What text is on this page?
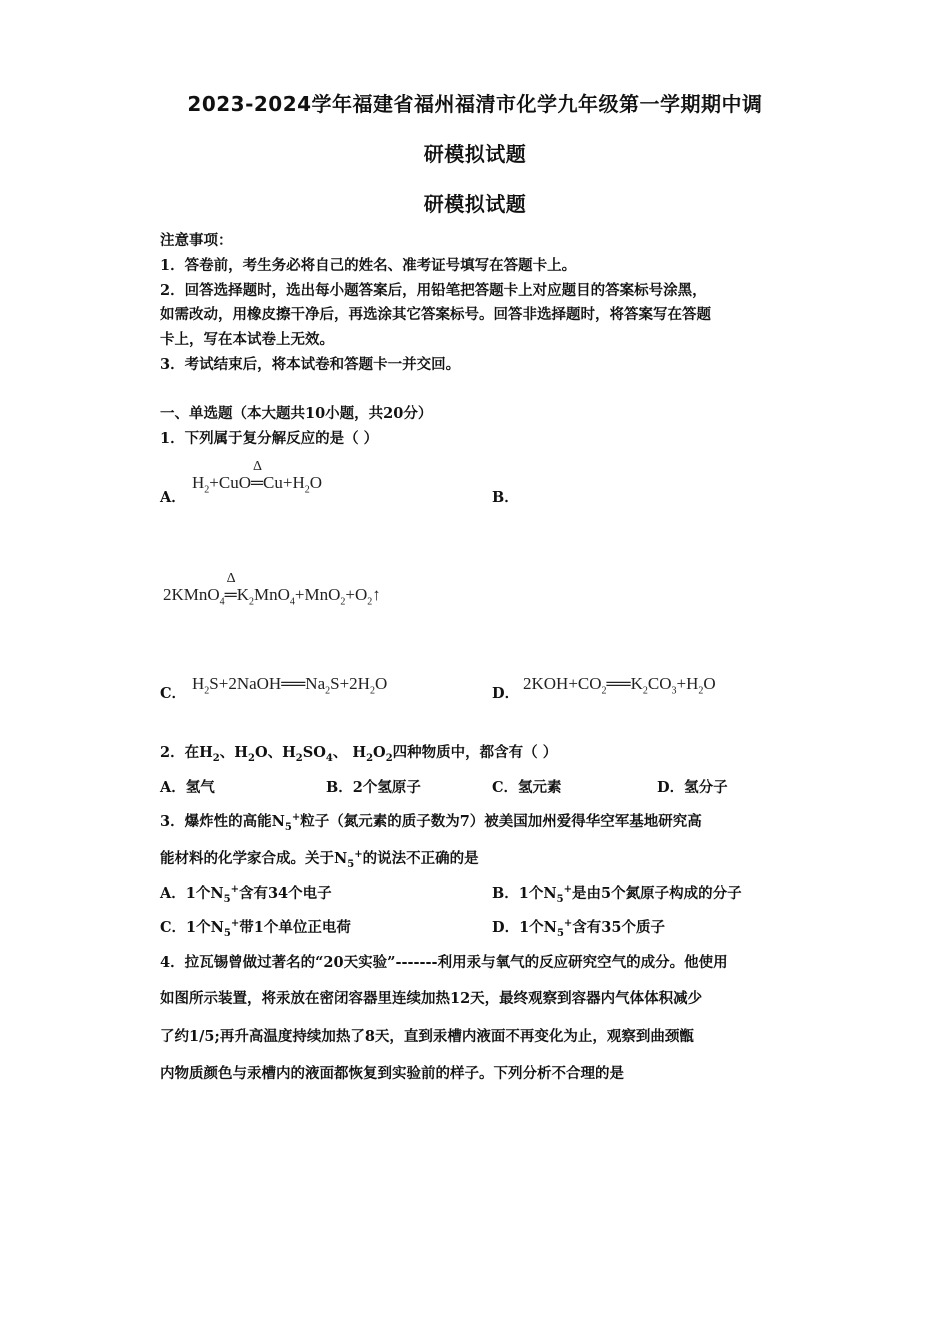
2023-2024学年福建省福州福清市化学九年级第一学期期中调
研模拟试题
研模拟试题
注意事项：
1．答卷前，考生务必将自己的姓名、准考证号填写在答题卡上。
2．回答选择题时，选出每小题答案后，用铅笔把答题卡上对应题目的答案标号涂黑，
如需改动，用橡皮擦干净后，再选涂其它答案标号。回答非选择题时，将答案写在答题
卡上，写在本试卷上无效。
3．考试结束后，将本试卷和答题卡一并交回。
一、单选题（本大题共10小题，共20分）
1．下列属于复分解反应的是（ ）
A．
$H_2+CuO═$
Δ
$Cu+H_2O$
B．
2KMnO$_4$═
Δ
$K_2MnO_4+MnO_2+O_2↑$
C．
$H_2S+2NaOH══Na_2S+2H_2O$
D．
$2KOH+CO_2══K_2CO_3+H_2O$
2．在$H_2$、$H_2O$、$H_2SO_4$、 $H_2O_2$四种物质中，都含有（ ）
A．氢气	B．2个氢原子	C．氢元素	D．氢分子
3．爆炸性的高能$N_5^+$粒子（氮元素的质子数为7）被美国加州爱得华空军基地研究高
能材料的化学家合成。关于$N_5^+$的说法不正确的是
A．1个$N_5^+$含有34个电子	B．1个$N_5^+$是由5个氮原子构成的分子
C．1个$N_5^+$带1个单位正电荷	D．1个$N_5^+$含有35个质子
4．拉瓦锡曾做过著名的“20天实验”-------利用汞与氧气的反应研究空气的成分。他使用
如图所示装置，将汞放在密闭容器里连续加热12天，最终观察到容器内气体体积减少
了约1/5;再升高温度持续加热了8天，直到汞槽内液面不再变化为止，观察到曲颈甑
内物质颜色与汞槽内的液面都恢复到实验前的样子。下列分析不合理的是
